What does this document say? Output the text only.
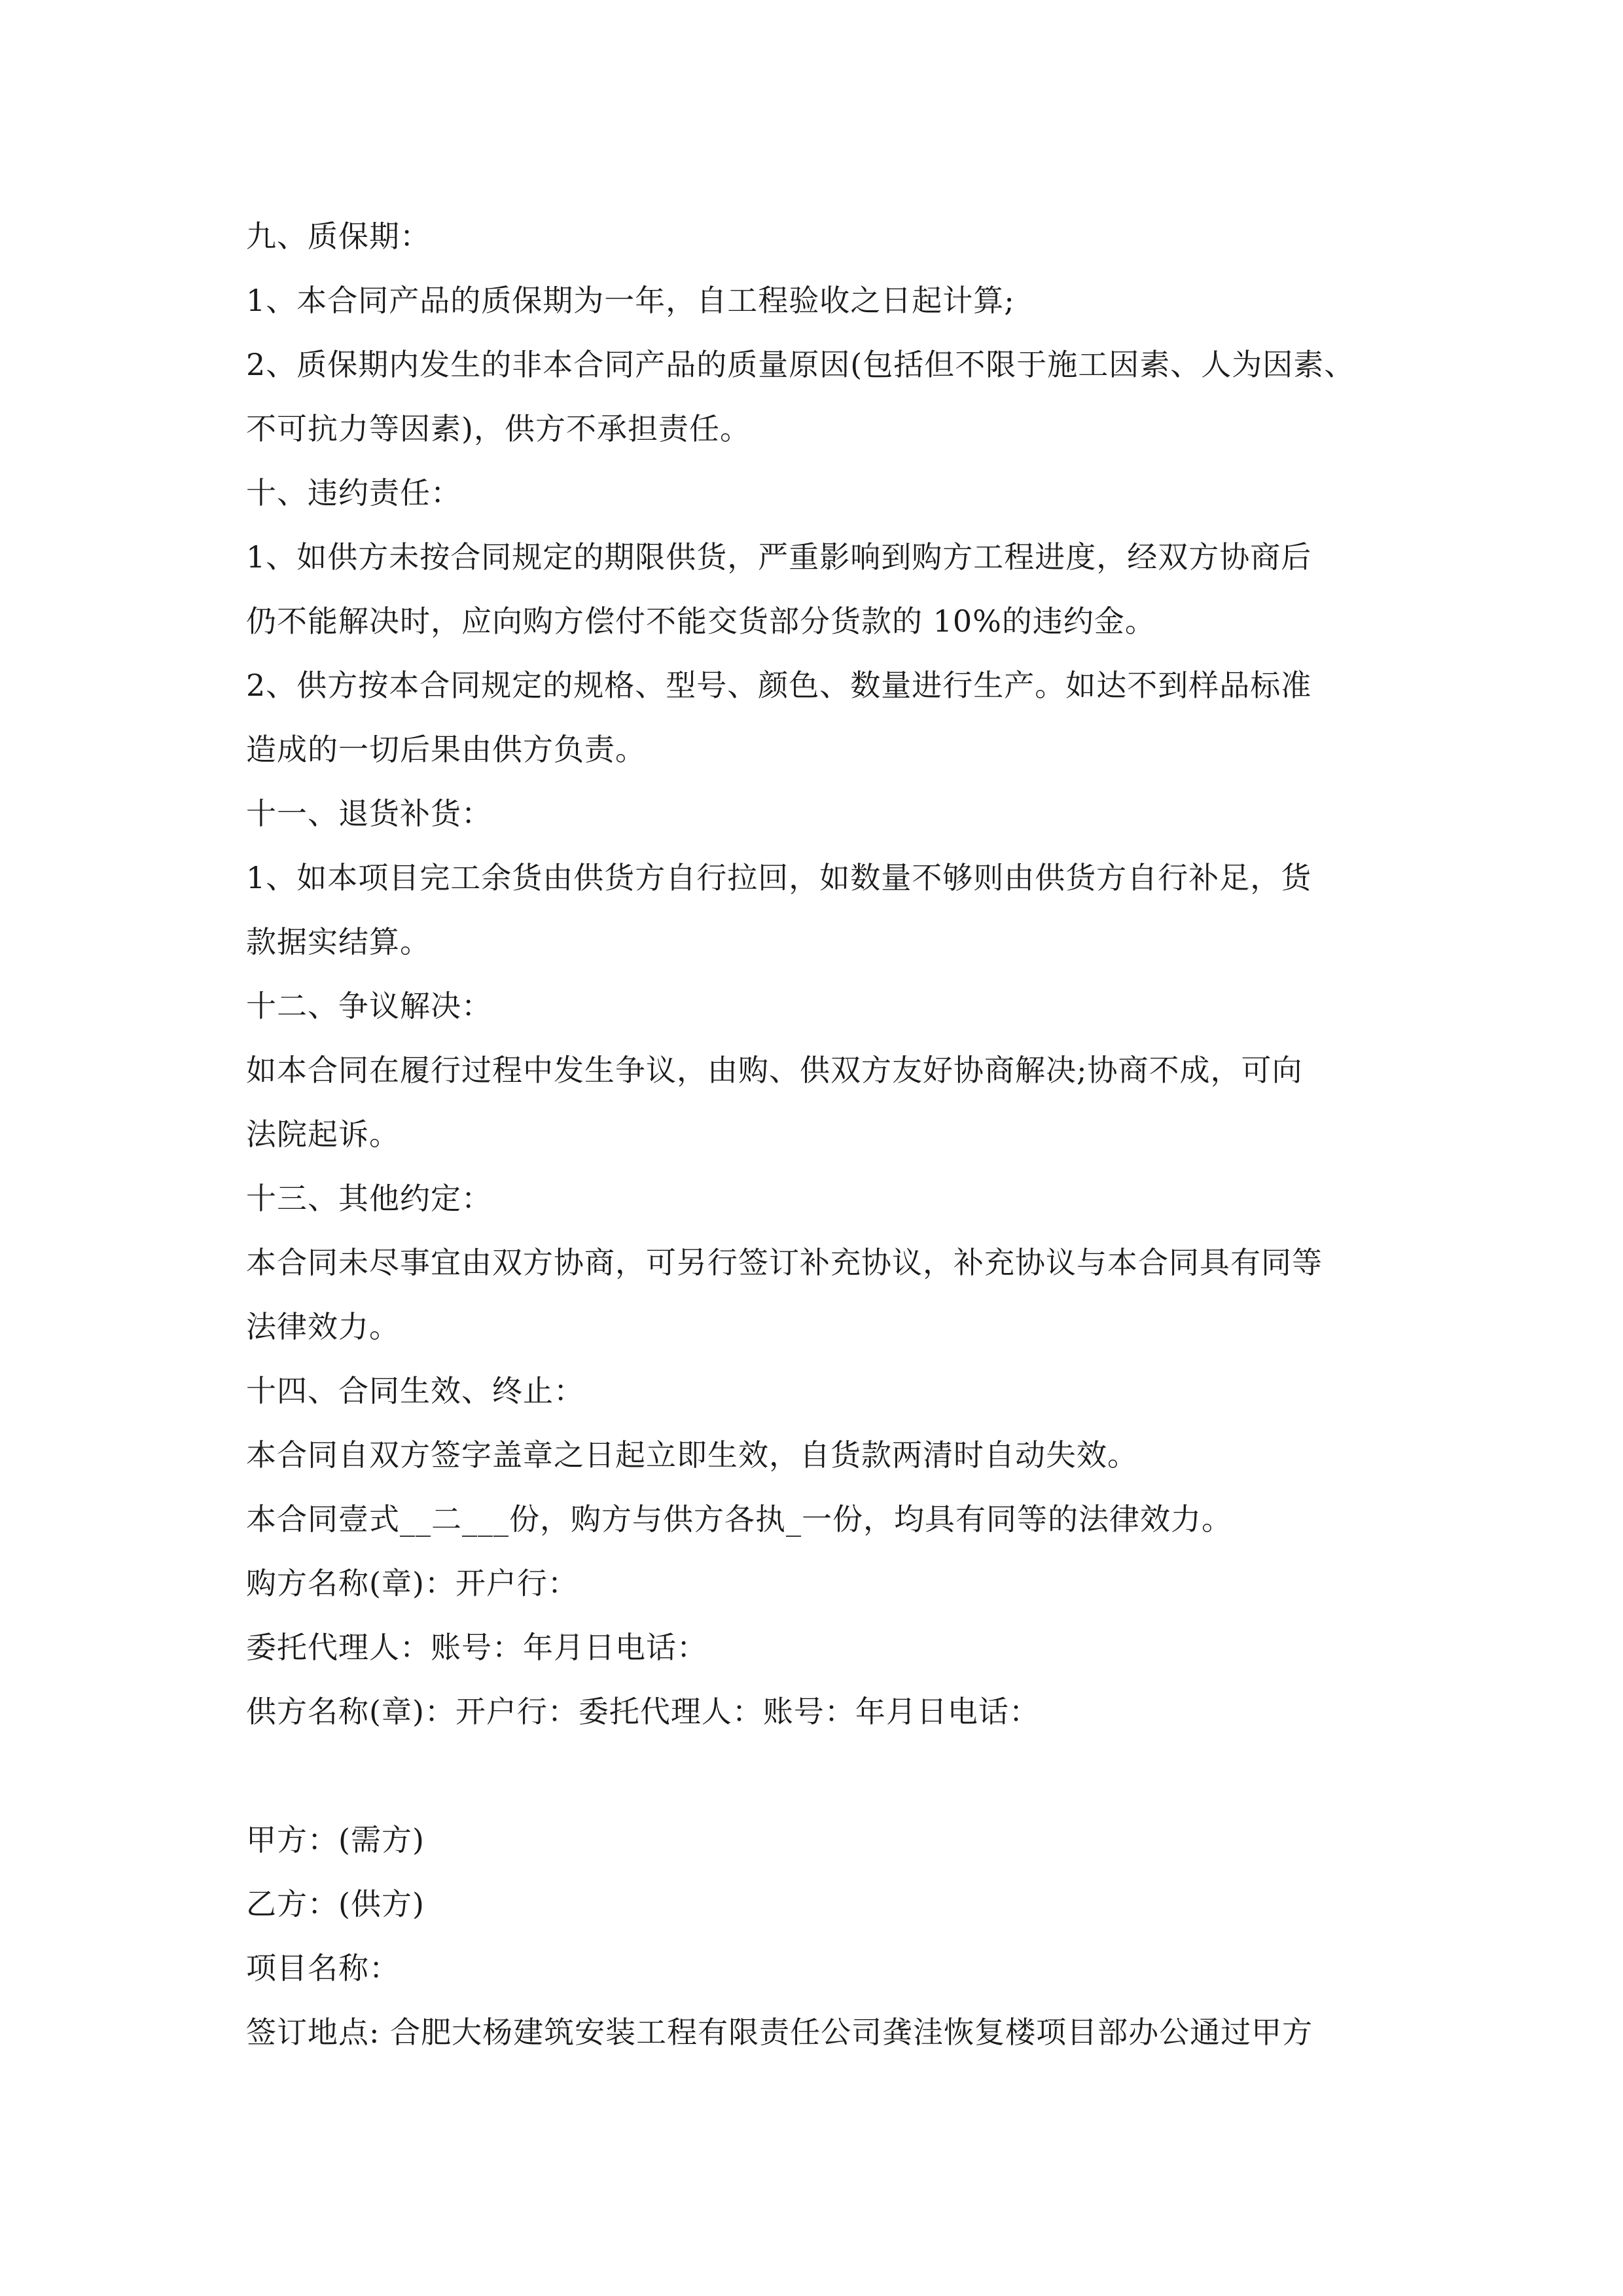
九、质保期：
1、本合同产品的质保期为一年，自工程验收之日起计算;
2、质保期内发生的非本合同产品的质量原因(包括但不限于施工因素、人为因素、
不可抗力等因素)，供方不承担责任。
十、违约责任：
1、如供方未按合同规定的期限供货，严重影响到购方工程进度，经双方协商后
仍不能解决时，应向购方偿付不能交货部分货款的 10%的违约金。
2、供方按本合同规定的规格、型号、颜色、数量进行生产。如达不到样品标准
造成的一切后果由供方负责。
十一、退货补货：
1、如本项目完工余货由供货方自行拉回，如数量不够则由供货方自行补足，货
款据实结算。
十二、争议解决：
如本合同在履行过程中发生争议，由购、供双方友好协商解决;协商不成，可向
法院起诉。
十三、其他约定：
本合同未尽事宜由双方协商，可另行签订补充协议，补充协议与本合同具有同等
法律效力。
十四、合同生效、终止：
本合同自双方签字盖章之日起立即生效，自货款两清时自动失效。
本合同壹式__二___份，购方与供方各执_一份，均具有同等的法律效力。
购方名称(章)：开户行：
委托代理人：账号：年月日电话：
供方名称(章)：开户行：委托代理人：账号：年月日电话：
甲方：(需方)
乙方：(供方)
项目名称：
签订地点: 合肥大杨建筑安装工程有限责任公司龚洼恢复楼项目部办公通过甲方
